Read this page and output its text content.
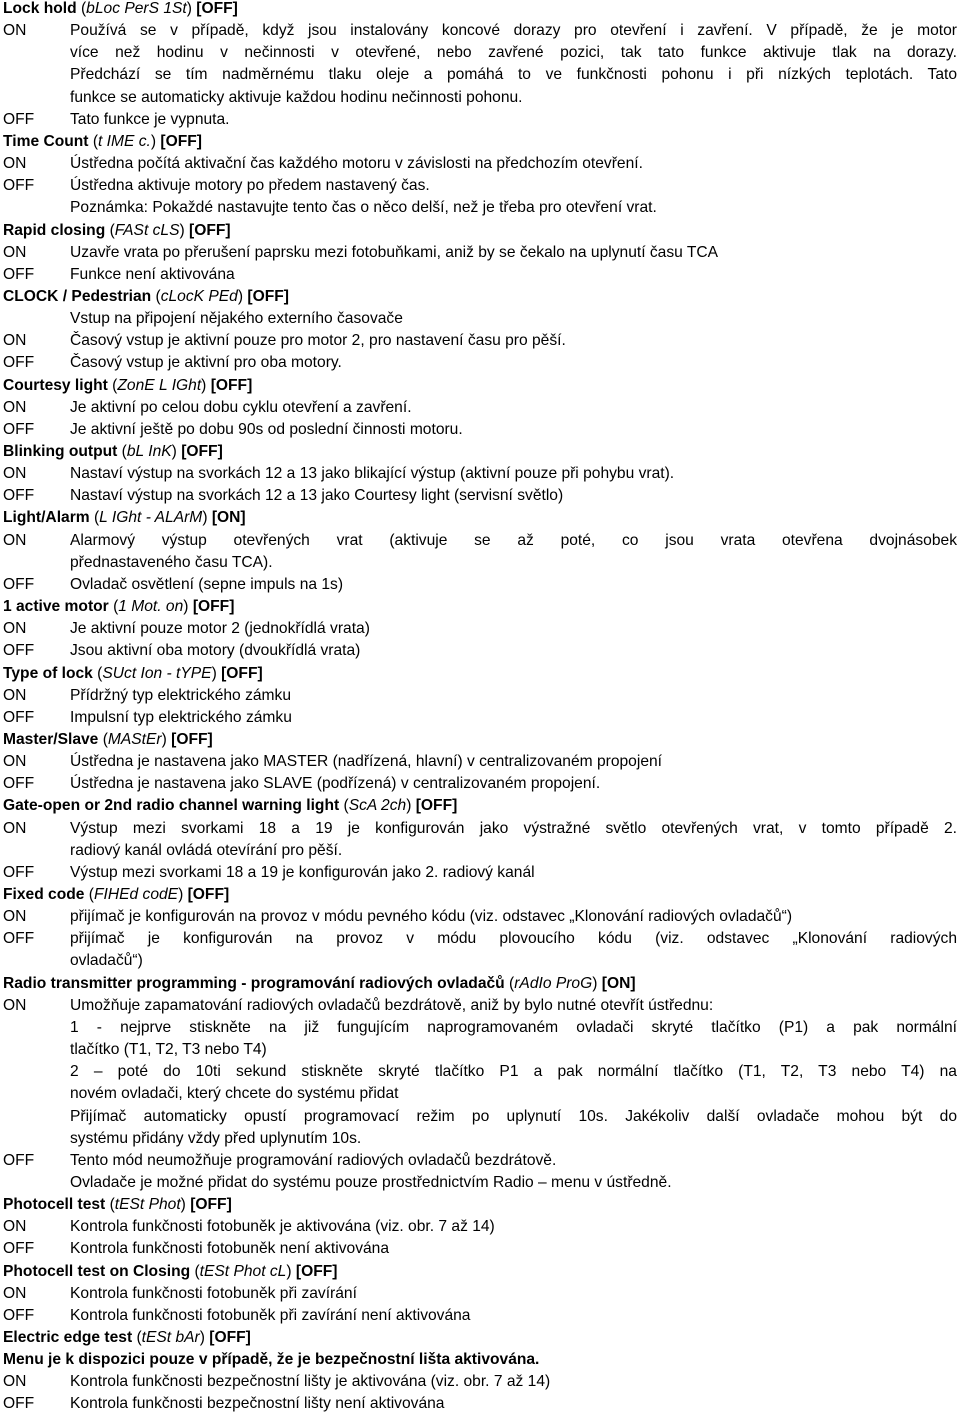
Lock hold (bLoc PerS 1St) [OFF]
ON	Používá se v případě, když jsou instalovány koncové dorazy pro otevření i zavření. V případě, že je motor
více než hodinu v nečinnosti v otevřené, nebo zavřené pozici, tak tato funkce aktivuje tlak na dorazy.
Předchází se tím nadměrnému tlaku oleje a pomáhá to ve funkčnosti pohonu i při nízkých teplotách. Tato
funkce se automaticky aktivuje každou hodinu nečinnosti pohonu.
OFF Tato funkce je vypnuta.
Time Count (t IME c.) [OFF]
ON	Ústředna počítá aktivační čas každého motoru v závislosti na předchozím otevření.
OFF Ústředna aktivuje motory po předem nastavený čas.
Poznámka: Pokaždé nastavujte tento čas o něco delší, než je třeba pro otevření vrat.
Rapid closing (FASt cLS) [OFF]
ON	Uzavře vrata po přerušení paprsku mezi fotobuňkami, aniž by se čekalo na uplynutí času TCA
OFF Funkce není aktivována
CLOCK / Pedestrian (cLocK PEd) [OFF]
Vstup na připojení nějakého externího časovače
ON	Časový vstup je aktivní pouze pro motor 2, pro nastavení času pro pěší.
OFF Časový vstup je aktivní pro oba motory.
Courtesy light (ZonE L IGht) [OFF]
ON	Je aktivní po celou dobu cyklu otevření a zavření.
OFF Je aktivní ještě po dobu 90s od poslední činnosti motoru.
Blinking output (bL InK) [OFF]
ON	Nastaví výstup na svorkách 12 a 13 jako blikající výstup (aktivní pouze při pohybu vrat).
OFF Nastaví výstup na svorkách 12 a 13 jako Courtesy light (servisní světlo)
Light/Alarm (L IGht - ALArM) [ON]
ON	Alarmový výstup otevřených vrat (aktivuje se až poté, co jsou vrata otevřena dvojnásobek
přednastaveného času TCA).
OFF Ovladač osvětlení (sepne impuls na 1s)
1 active motor (1 Mot. on) [OFF]
ON	Je aktivní pouze motor 2 (jednokřídlá vrata)
OFF Jsou aktivní oba motory (dvoukřídlá vrata)
Type of lock (SUct Ion - tYPE) [OFF]
ON	Přídržný typ elektrického zámku
OFF Impulsní typ elektrického zámku
Master/Slave (MAStEr) [OFF]
ON	Ústředna je nastavena jako MASTER (nadřízená, hlavní) v centralizovaném propojení
OFF Ústředna je nastavena jako SLAVE (podřízená) v centralizovaném propojení.
Gate-open or 2nd radio channel warning light (ScA 2ch) [OFF]
ON	Výstup mezi svorkami 18 a 19 je konfigurován jako výstražné světlo otevřených vrat, v tomto případě 2.
radiový kanál ovládá otevírání pro pěší.
OFF Výstup mezi svorkami 18 a 19 je konfigurován jako 2. radiový kanál
Fixed code (FIHEd codE) [OFF]
ON	přijímač je konfigurován na provoz v módu pevného kódu (viz. odstavec „Klonování radiových ovladačů“)
OFF přijímač je konfigurován na provoz v módu plovoucího kódu (viz. odstavec „Klonování radiových
ovladačů“)
Radio transmitter programming - programování radiových ovladačů (rAdIo ProG) [ON]
ON	Umožňuje zapamatování radiových ovladačů bezdrátově, aniž by bylo nutné otevřít ústřednu:
1 - nejprve stiskněte na již fungujícím naprogramovaném ovladači skryté tlačítko (P1) a pak normální
tlačítko (T1, T2, T3 nebo T4)
2 – poté do 10ti sekund stiskněte skryté tlačítko P1 a pak normální tlačítko (T1, T2, T3 nebo T4) na
novém ovladači, který chcete do systému přidat
Přijímač automaticky opustí programovací režim po uplynutí 10s. Jakékoliv další ovladače mohou být do
systému přidány vždy před uplynutím 10s.
OFF Tento mód neumožňuje programování radiových ovladačů bezdrátově.
Ovladače je možné přidat do systému pouze prostřednictvím Radio – menu v ústředně.
Photocell test (tESt Phot) [OFF]
ON	Kontrola funkčnosti fotobuněk je aktivována (viz. obr. 7 až 14)
OFF Kontrola funkčnosti fotobuněk není aktivována
Photocell test on Closing (tESt Phot cL) [OFF]
ON	Kontrola funkčnosti fotobuněk při zavírání
OFF Kontrola funkčnosti fotobuněk při zavírání není aktivována
Electric edge test (tESt bAr) [OFF]
Menu je k dispozici pouze v případě, že je bezpečnostní lišta aktivována.
ON	Kontrola funkčnosti bezpečnostní lišty je aktivována (viz. obr. 7 až 14)
OFF Kontrola funkčnosti bezpečnostní lišty není aktivována
